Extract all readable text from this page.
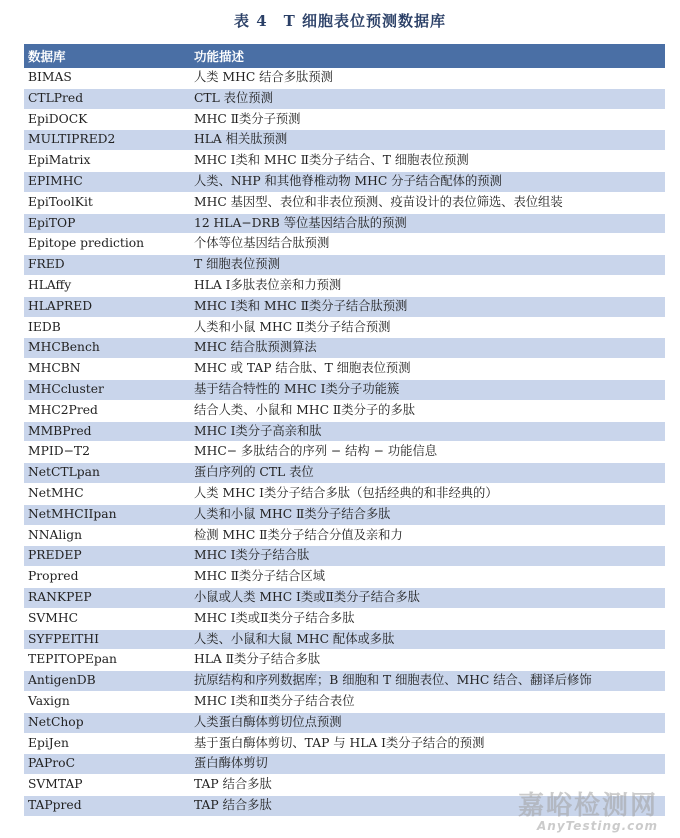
表 4　T 细胞表位预测数据库
数据库	功能描述
BIMAS	人类 MHC 结合多肽预测
CTLPred	CTL 表位预测
EpiDOCK	MHC Ⅱ类分子预测
MULTIPRED2	HLA 相关肽预测
EpiMatrix	MHC Ⅰ类和 MHC Ⅱ类分子结合、T 细胞表位预测
EPIMHC	人类、NHP 和其他脊椎动物 MHC 分子结合配体的预测
EpiToolKit	MHC 基因型、表位和非表位预测、疫苗设计的表位筛选、表位组装
EpiTOP	12 HLA−DRB 等位基因结合肽的预测
Epitope prediction	个体等位基因结合肽预测
FRED	T 细胞表位预测
HLAffy	HLA Ⅰ多肽表位亲和力预测
HLAPRED	MHC Ⅰ类和 MHC Ⅱ类分子结合肽预测
IEDB	人类和小鼠 MHC Ⅱ类分子结合预测
MHCBench	MHC 结合肽预测算法
MHCBN	MHC 或 TAP 结合肽、T 细胞表位预测
MHCcluster	基于结合特性的 MHC Ⅰ类分子功能簇
MHC2Pred	结合人类、小鼠和 MHC Ⅱ类分子的多肽
MMBPred	MHC Ⅰ类分子高亲和肽
MPID−T2	MHC− 多肽结合的序列 − 结构 − 功能信息
NetCTLpan	蛋白序列的 CTL 表位
NetMHC	人类 MHC Ⅰ类分子结合多肽（包括经典的和非经典的）
NetMHCIIpan	人类和小鼠 MHC Ⅱ类分子结合多肽
NNAlign	检测 MHC Ⅱ类分子结合分值及亲和力
PREDEP	MHC Ⅰ类分子结合肽
Propred	MHC Ⅱ类分子结合区域
RANKPEP	小鼠或人类 MHC Ⅰ类或Ⅱ类分子结合多肽
SVMHC	MHC Ⅰ类或Ⅱ类分子结合多肽
SYFPEITHI	人类、小鼠和大鼠 MHC 配体或多肽
TEPITOPEpan	HLA Ⅱ类分子结合多肽
AntigenDB	抗原结构和序列数据库；B 细胞和 T 细胞表位、MHC 结合、翻译后修饰
Vaxign	MHC Ⅰ类和Ⅱ类分子结合表位
NetChop	人类蛋白酶体剪切位点预测
EpiJen	基于蛋白酶体剪切、TAP 与 HLA Ⅰ类分子结合的预测
PAProC	蛋白酶体剪切
SVMTAP	TAP 结合多肽
TAPpred	TAP 结合多肽	嘉峪检测网
AnyTesting.com
